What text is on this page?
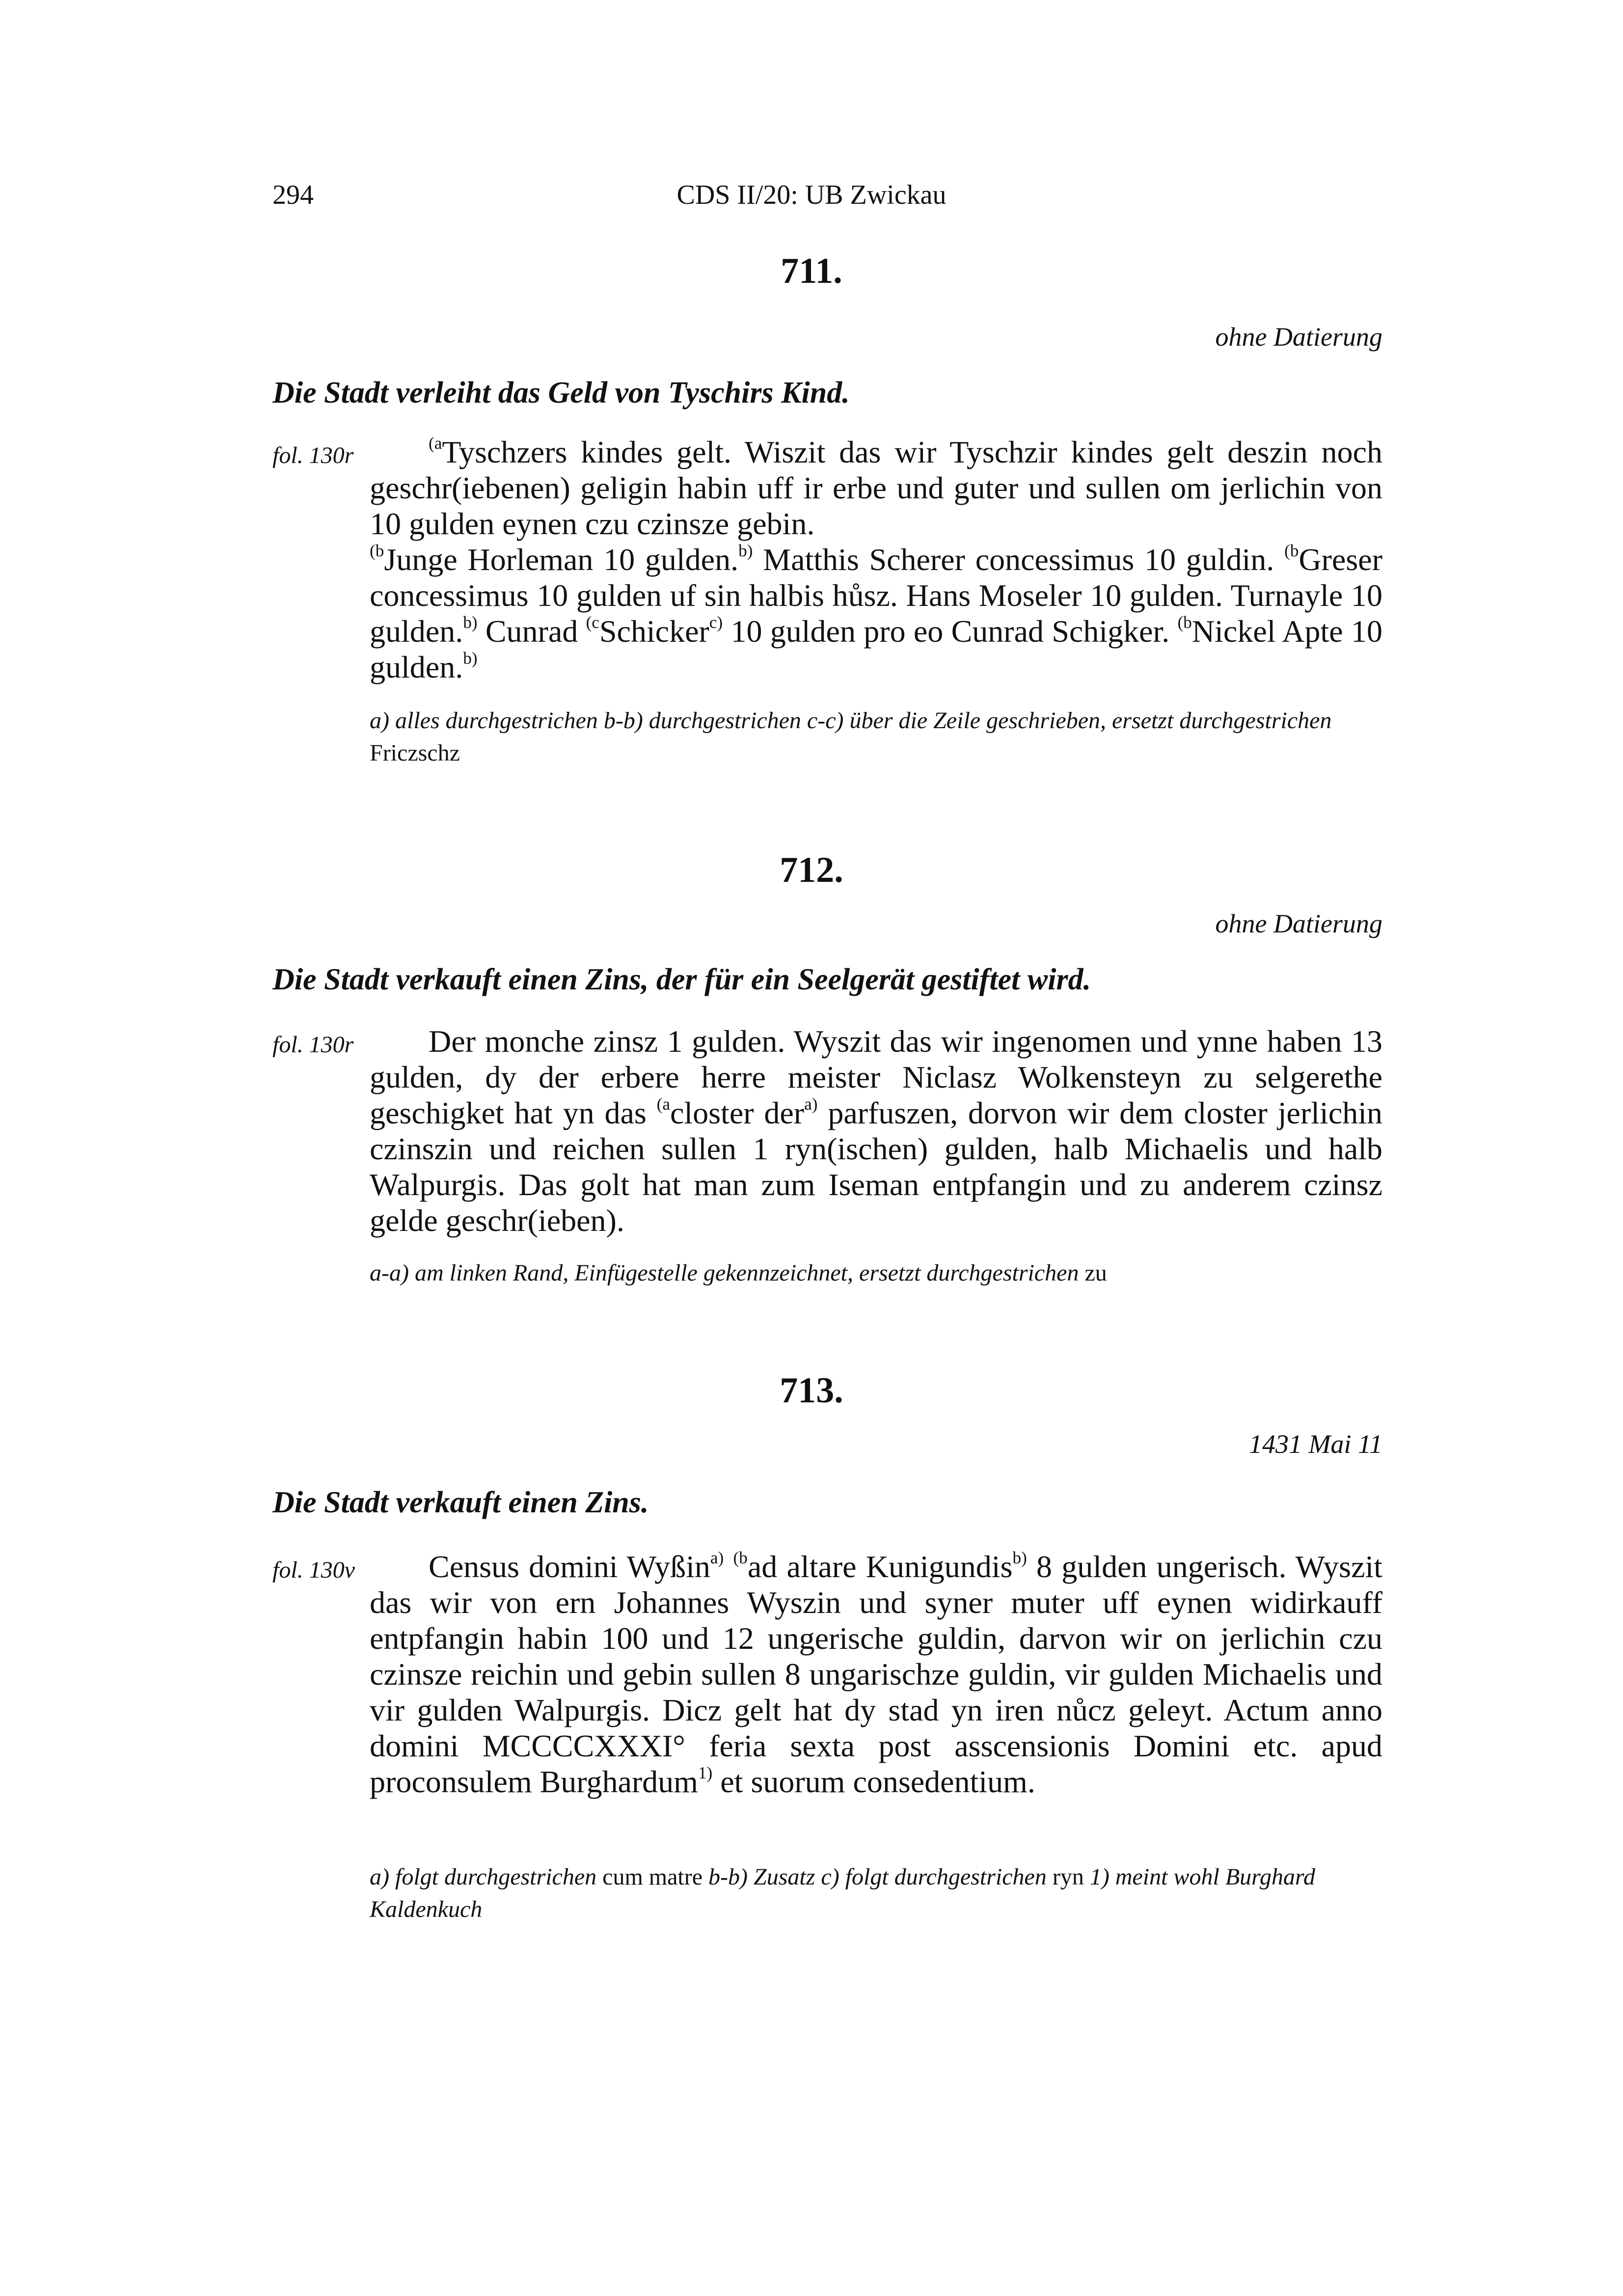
294	CDS II/20: UB Zwickau
711.
ohne Datierung
Die Stadt verleiht das Geld von Tyschirs Kind.
fol. 130r	$^{(a}$Tyschzers kindes gelt. Wiszit das wir Tyschzir kindes gelt deszin noch geschr(iebenen) geligin habin uff ir erbe und guter und sullen om jerlichin von 10 gulden eynen czu czinsze gebin.

$^{(b}$Junge Horleman 10 gulden.$^{b)}$ Matthis Scherer concessimus 10 guldin. $^{(b}$Greser concessimus 10 gulden uf sin halbis hůsz. Hans Moseler 10 gulden. Turnayle 10 gulden.$^{b)}$ Cunrad $^{(c}$Schicker$^{c)}$ 10 gulden pro eo Cunrad Schigker. $^{(b}$Nickel Apte 10 gulden.$^{b)}$

a) alles durchgestrichen b-b) durchgestrichen c-c) über die Zeile geschrieben, ersetzt durchgestrichen Friczschz
712.
ohne Datierung
Die Stadt verkauft einen Zins, der für ein Seelgerät gestiftet wird.
fol. 130r	Der monche zinsz 1 gulden. Wyszit das wir ingenomen und ynne haben 13 gulden, dy der erbere herre meister Niclasz Wolkensteyn zu selgerethe geschigket hat yn das $^{(a}$closter der$^{a)}$ parfuszen, dorvon wir dem closter jerlichin czinszin und reichen sullen 1 ryn(ischen) gulden, halb Michaelis und halb Walpurgis. Das golt hat man zum Iseman entpfangin und zu anderem czinsz gelde geschr(ieben).

a-a) am linken Rand, Einfügestelle gekennzeichnet, ersetzt durchgestrichen zu
713.
1431 Mai 11
Die Stadt verkauft einen Zins.
fol. 130v	Census domini Wyßin$^{a)}$ $^{(b}$ad altare Kunigundis$^{b)}$ 8 gulden ungerisch. Wyszit das wir von ern Johannes Wyszin und syner muter uff eynen widirkauff entpfangin habin 100 und 12 ungerische guldin, darvon wir on jerlichin czu czinsze reichin und gebin sullen 8 ungarischze guldin, vir gulden Michaelis und vir gulden Walpurgis. Dicz gelt hat dy stad yn iren nůcz geleyt. Actum anno domini MCCCCXXXI° feria sexta post asscensionis Domini etc. apud proconsulem Burghardum$^{1)}$ et suorum consedentium.

a) folgt durchgestrichen cum matre b-b) Zusatz c) folgt durchgestrichen ryn 1) meint wohl Burghard Kaldenkuch
